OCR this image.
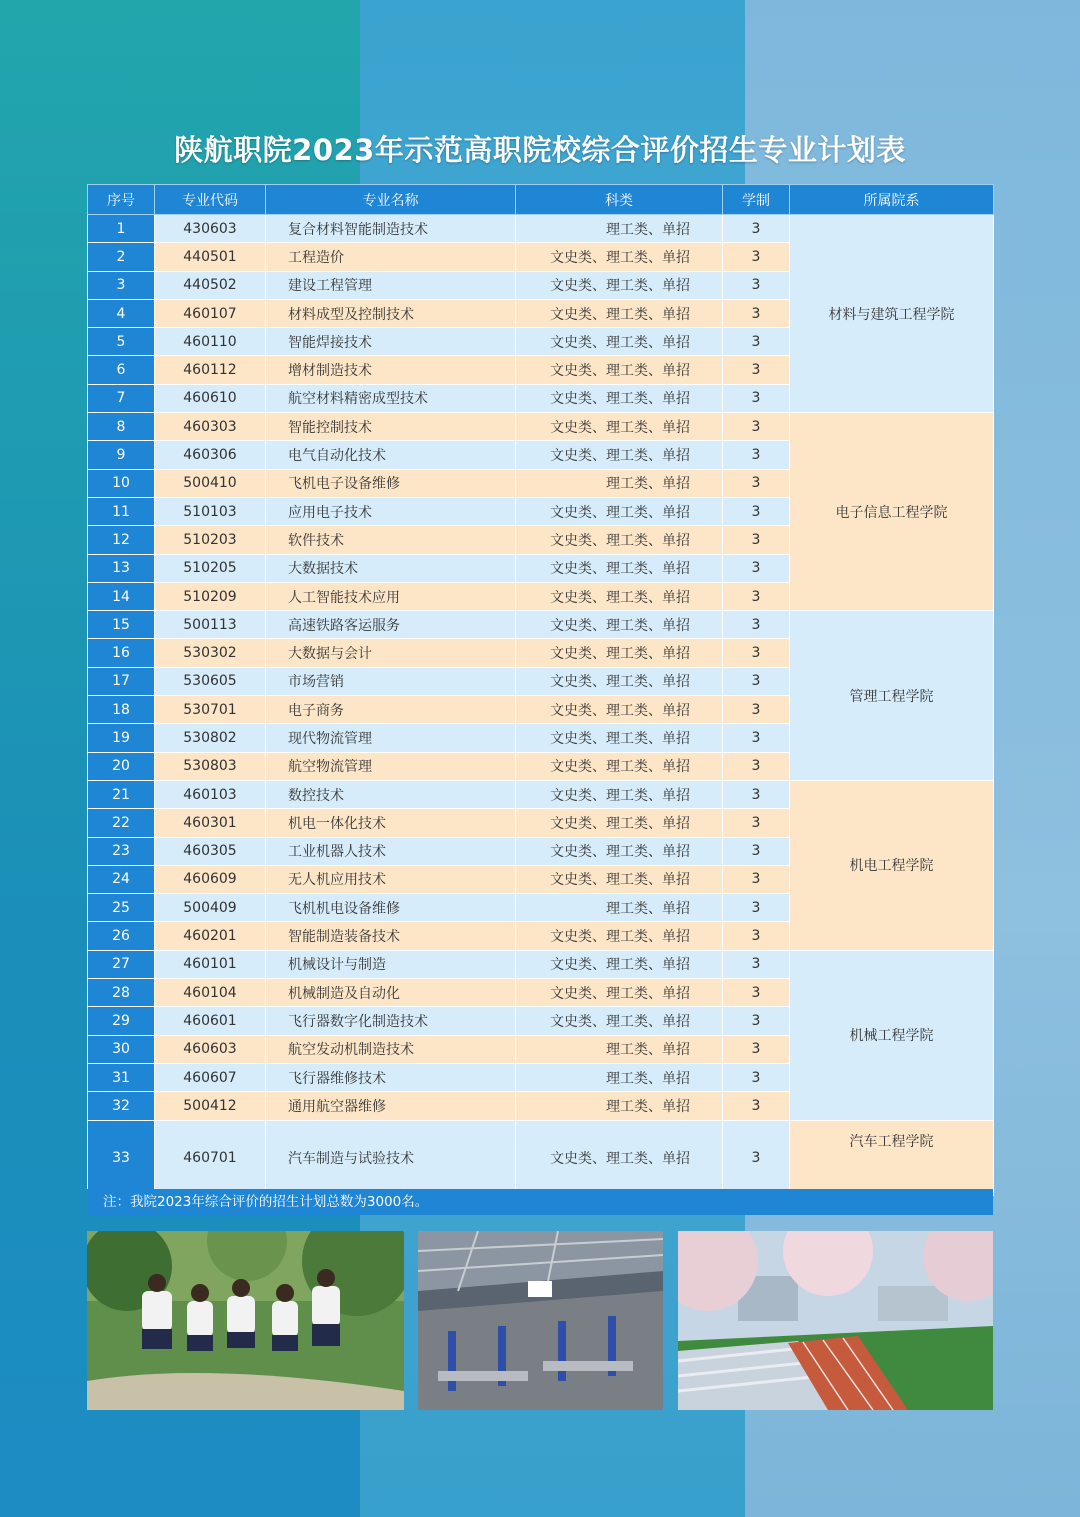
陕航职院2023年示范高职院校综合评价招生专业计划表
序号	专业代码	专业名称	科类	学制	所属院系
1	430603	复合材料智能制造技术	理工类、单招	3	材料与建筑工程学院
2	440501	工程造价	文史类、理工类、单招	3	
3	440502	建设工程管理	文史类、理工类、单招	3	
4	460107	材料成型及控制技术	文史类、理工类、单招	3	
5	460110	智能焊接技术	文史类、理工类、单招	3	
6	460112	增材制造技术	文史类、理工类、单招	3	
7	460610	航空材料精密成型技术	文史类、理工类、单招	3	
8	460303	智能控制技术	文史类、理工类、单招	3	电子信息工程学院
9	460306	电气自动化技术	文史类、理工类、单招	3	
10	500410	飞机电子设备维修	理工类、单招	3	
11	510103	应用电子技术	文史类、理工类、单招	3	
12	510203	软件技术	文史类、理工类、单招	3	
13	510205	大数据技术	文史类、理工类、单招	3	
14	510209	人工智能技术应用	文史类、理工类、单招	3	
15	500113	高速铁路客运服务	文史类、理工类、单招	3	管理工程学院
16	530302	大数据与会计	文史类、理工类、单招	3	
17	530605	市场营销	文史类、理工类、单招	3	
18	530701	电子商务	文史类、理工类、单招	3	
19	530802	现代物流管理	文史类、理工类、单招	3	
20	530803	航空物流管理	文史类、理工类、单招	3	
21	460103	数控技术	文史类、理工类、单招	3	机电工程学院
22	460301	机电一体化技术	文史类、理工类、单招	3	
23	460305	工业机器人技术	文史类、理工类、单招	3	
24	460609	无人机应用技术	文史类、理工类、单招	3	
25	500409	飞机机电设备维修	理工类、单招	3	
26	460201	智能制造装备技术	文史类、理工类、单招	3	
27	460101	机械设计与制造	文史类、理工类、单招	3	机械工程学院
28	460104	机械制造及自动化	文史类、理工类、单招	3	
29	460601	飞行器数字化制造技术	文史类、理工类、单招	3	
30	460603	航空发动机制造技术	理工类、单招	3	
31	460607	飞行器维修技术	理工类、单招	3	
32	500412	通用航空器维修	理工类、单招	3	
33	460701	汽车制造与试验技术	文史类、理工类、单招	3	汽车工程学院
注：我院2023年综合评价的招生计划总数为3000名。
